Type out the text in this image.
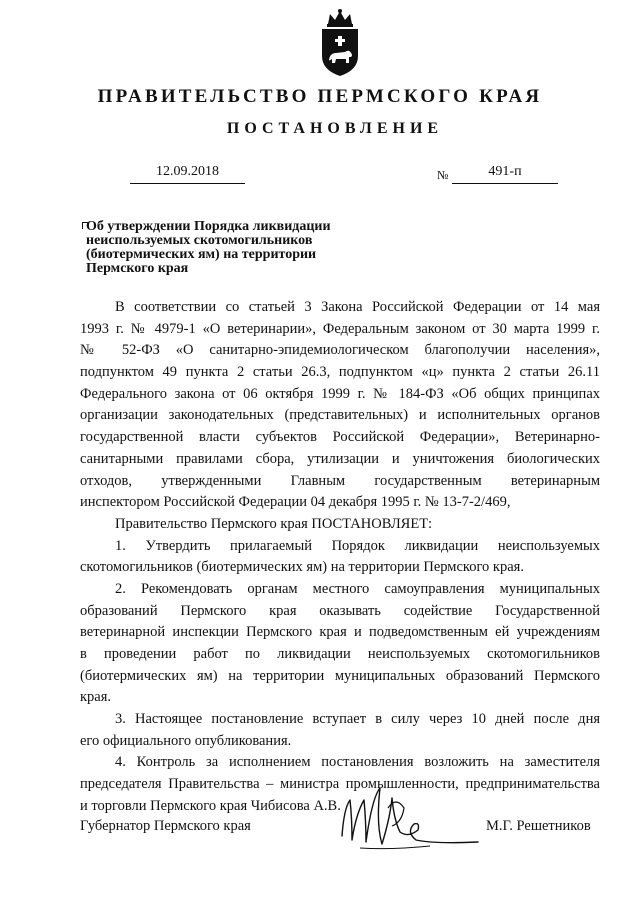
ПРАВИТЕЛЬСТВО ПЕРМСКОГО КРАЯ
ПОСТАНОВЛЕНИЕ
12.09.2018	№	491-п
Об утверждении Порядка ликвидации
неиспользуемых скотомогильников
(биотермических ям) на территории
Пермского края
В соответствии со статьей 3 Закона Российской Федерации от 14 мая
1993 г. № 4979-1 «О ветеринарии», Федеральным законом от 30 марта 1999 г.
№ 52-ФЗ «О санитарно-эпидемиологическом благополучии населения»,
подпунктом 49 пункта 2 статьи 26.3, подпунктом «ц» пункта 2 статьи 26.11
Федерального закона от 06 октября 1999 г. № 184-ФЗ «Об общих принципах
организации законодательных (представительных) и исполнительных органов
государственной власти субъектов Российской Федерации», Ветеринарно-
санитарными правилами сбора, утилизации и уничтожения биологических
отходов, утвержденными Главным государственным ветеринарным
инспектором Российской Федерации 04 декабря 1995 г. № 13-7-2/469,
Правительство Пермского края ПОСТАНОВЛЯЕТ:
1. Утвердить прилагаемый Порядок ликвидации неиспользуемых
скотомогильников (биотермических ям) на территории Пермского края.
2. Рекомендовать органам местного самоуправления муниципальных
образований Пермского края оказывать содействие Государственной
ветеринарной инспекции Пермского края и подведомственным ей учреждениям
в проведении работ по ликвидации неиспользуемых скотомогильников
(биотермических ям) на территории муниципальных образований Пермского
края.
3. Настоящее постановление вступает в силу через 10 дней после дня
его официального опубликования.
4. Контроль за исполнением постановления возложить на заместителя
председателя Правительства – министра промышленности, предпринимательства
и торговли Пермского края Чибисова А.В.
Губернатор Пермского края	М.Г. Решетников
